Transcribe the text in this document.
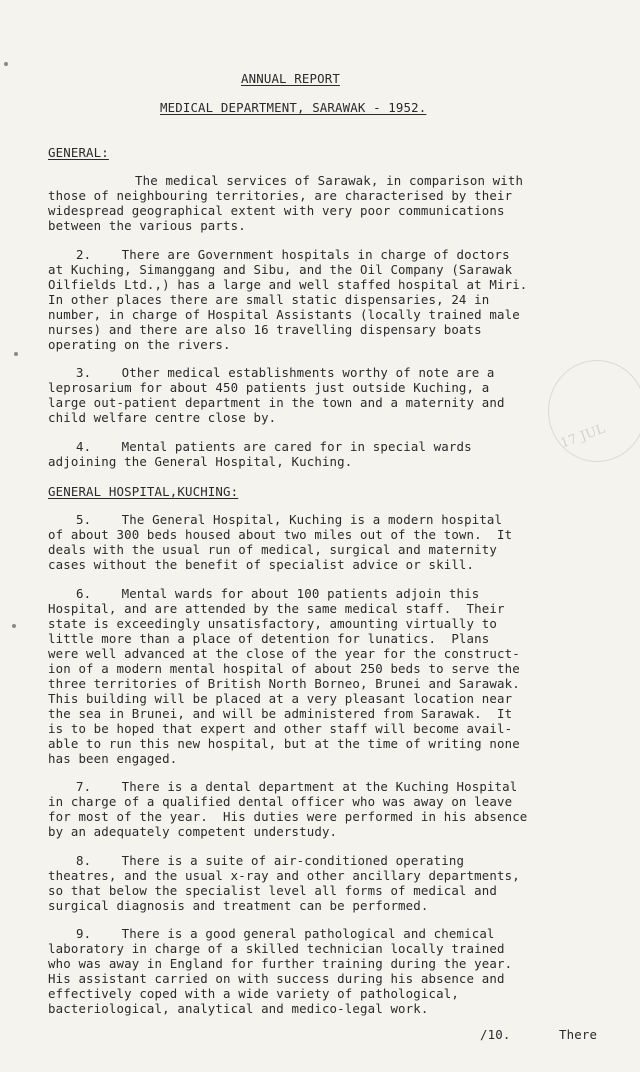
ANNUAL REPORT
MEDICAL DEPARTMENT, SARAWAK - 1952.
GENERAL:
The medical services of Sarawak, in comparison with
those of neighbouring territories, are characterised by their
widespread geographical extent with very poor communications
between the various parts.
2.    There are Government hospitals in charge of doctors
at Kuching, Simanggang and Sibu, and the Oil Company (Sarawak
Oilfields Ltd.,) has a large and well staffed hospital at Miri.
In other places there are small static dispensaries, 24 in
number, in charge of Hospital Assistants (locally trained male
nurses) and there are also 16 travelling dispensary boats
operating on the rivers.
3.    Other medical establishments worthy of note are a
leprosarium for about 450 patients just outside Kuching, a
large out-patient department in the town and a maternity and
child welfare centre close by.
4.    Mental patients are cared for in special wards
adjoining the General Hospital, Kuching.
GENERAL HOSPITAL,KUCHING:
5.    The General Hospital, Kuching is a modern hospital
of about 300 beds housed about two miles out of the town.  It
deals with the usual run of medical, surgical and maternity
cases without the benefit of specialist advice or skill.
6.    Mental wards for about 100 patients adjoin this
Hospital, and are attended by the same medical staff.  Their
state is exceedingly unsatisfactory, amounting virtually to
little more than a place of detention for lunatics.  Plans
were well advanced at the close of the year for the construct-
ion of a modern mental hospital of about 250 beds to serve the
three territories of British North Borneo, Brunei and Sarawak.
This building will be placed at a very pleasant location near
the sea in Brunei, and will be administered from Sarawak.  It
is to be hoped that expert and other staff will become avail-
able to run this new hospital, but at the time of writing none
has been engaged.
7.    There is a dental department at the Kuching Hospital
in charge of a qualified dental officer who was away on leave
for most of the year.  His duties were performed in his absence
by an adequately competent understudy.
8.    There is a suite of air-conditioned operating
theatres, and the usual x-ray and other ancillary departments,
so that below the specialist level all forms of medical and
surgical diagnosis and treatment can be performed.
9.    There is a good general pathological and chemical
laboratory in charge of a skilled technician locally trained
who was away in England for further training during the year.
His assistant carried on with success during his absence and
effectively coped with a wide variety of pathological,
bacteriological, analytical and medico-legal work.
/10.	There
17 JUL
